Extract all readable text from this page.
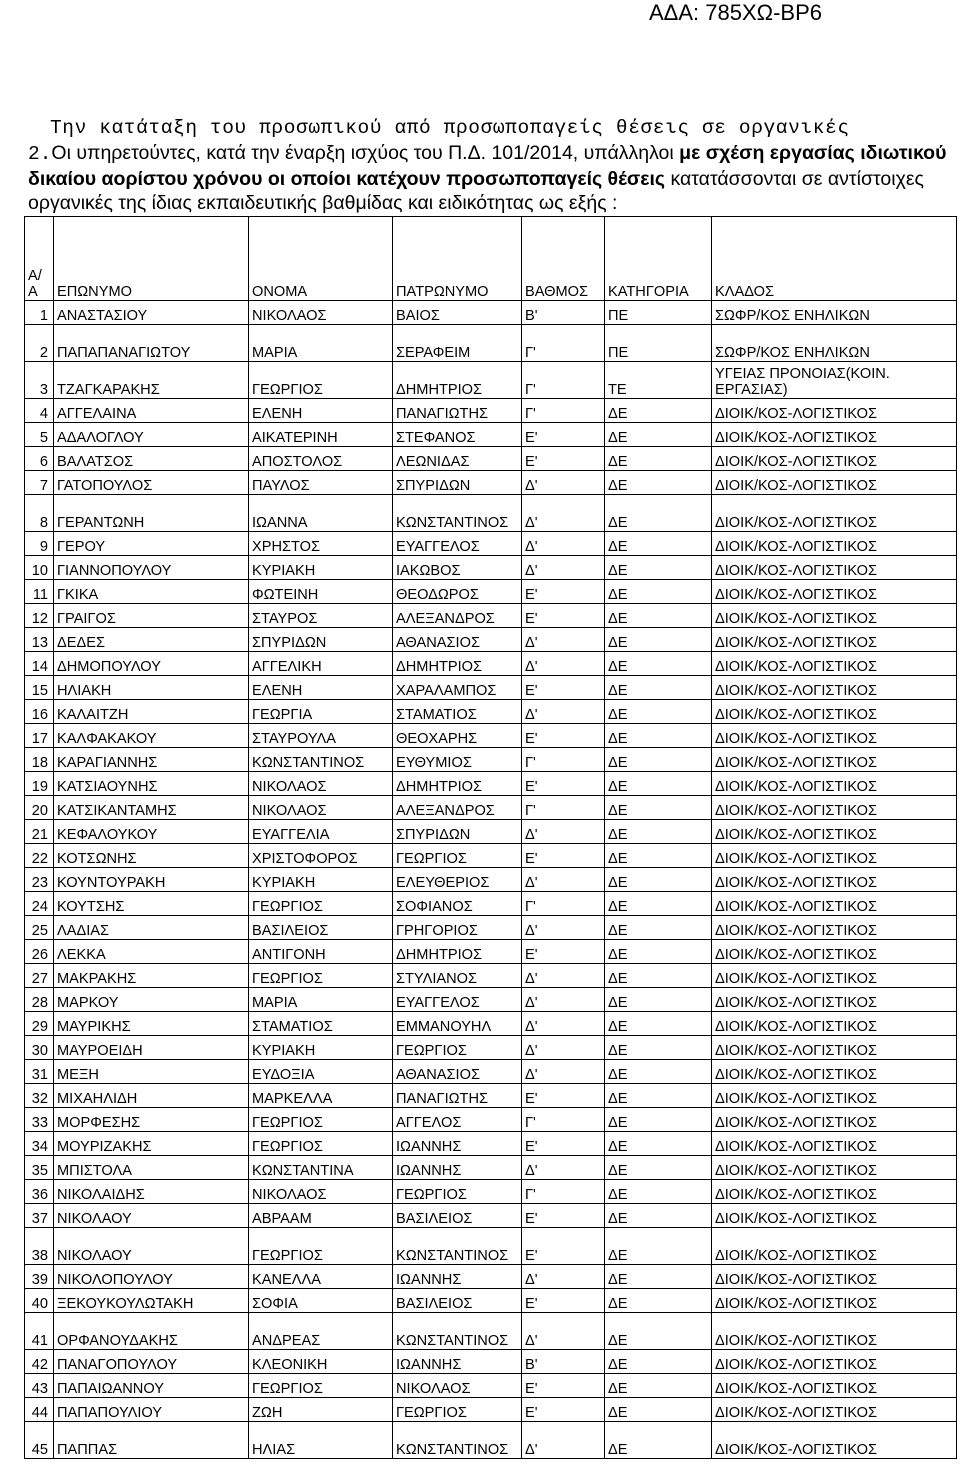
ΑΔΑ: 785ΧΩ-ΒΡ6
Την κατάταξη του προσωπικού από προσωποπαγείς θέσεις σε οργανικές
2.Οι υπηρετούντες, κατά την έναρξη ισχύος του Π.Δ. 101/2014, υπάλληλοι με σχέση εργασίας ιδιωτικού δικαίου αορίστου χρόνου οι οποίοι κατέχουν προσωποπαγείς θέσεις κατατάσσονται σε αντίστοιχες οργανικές της ίδιας εκπαιδευτικής βαθμίδας και ειδικότητας ως εξής :
Α/Α	ΕΠΩΝΥΜΟ	ΟΝΟΜΑ	ΠΑΤΡΩΝΥΜΟ	ΒΑΘΜΟΣ	ΚΑΤΗΓΟΡΙΑ	ΚΛΑΔΟΣ
1	ΑΝΑΣΤΑΣΙΟΥ	ΝΙΚΟΛΑΟΣ	ΒΑΙΟΣ	Β'	ΠΕ	ΣΩΦΡ/ΚΟΣ ΕΝΗΛΙΚΩΝ
2	ΠΑΠΑΠΑΝΑΓΙΩΤΟΥ	ΜΑΡΙΑ	ΣΕΡΑΦΕΙΜ	Γ'	ΠΕ	ΣΩΦΡ/ΚΟΣ ΕΝΗΛΙΚΩΝ
3	ΤΖΑΓΚΑΡΑΚΗΣ	ΓΕΩΡΓΙΟΣ	ΔΗΜΗΤΡΙΟΣ	Γ'	ΤΕ	ΥΓΕΙΑΣ ΠΡΟΝΟΙΑΣ(ΚΟΙΝ. ΕΡΓΑΣΙΑΣ)
4	ΑΓΓΕΛΑΙΝΑ	ΕΛΕΝΗ	ΠΑΝΑΓΙΩΤΗΣ	Γ'	ΔΕ	ΔΙΟΙΚ/ΚΟΣ-ΛΟΓΙΣΤΙΚΟΣ
5	ΑΔΑΛΟΓΛΟΥ	ΑΙΚΑΤΕΡΙΝΗ	ΣΤΕΦΑΝΟΣ	Ε'	ΔΕ	ΔΙΟΙΚ/ΚΟΣ-ΛΟΓΙΣΤΙΚΟΣ
6	ΒΑΛΑΤΣΟΣ	ΑΠΟΣΤΟΛΟΣ	ΛΕΩΝΙΔΑΣ	Ε'	ΔΕ	ΔΙΟΙΚ/ΚΟΣ-ΛΟΓΙΣΤΙΚΟΣ
7	ΓΑΤΟΠΟΥΛΟΣ	ΠΑΥΛΟΣ	ΣΠΥΡΙΔΩΝ	Δ'	ΔΕ	ΔΙΟΙΚ/ΚΟΣ-ΛΟΓΙΣΤΙΚΟΣ
8	ΓΕΡΑΝΤΩΝΗ	ΙΩΑΝΝΑ	ΚΩΝΣΤΑΝΤΙΝΟΣ	Δ'	ΔΕ	ΔΙΟΙΚ/ΚΟΣ-ΛΟΓΙΣΤΙΚΟΣ
9	ΓΕΡΟΥ	ΧΡΗΣΤΟΣ	ΕΥΑΓΓΕΛΟΣ	Δ'	ΔΕ	ΔΙΟΙΚ/ΚΟΣ-ΛΟΓΙΣΤΙΚΟΣ
10	ΓΙΑΝΝΟΠΟΥΛΟΥ	ΚΥΡΙΑΚΗ	ΙΑΚΩΒΟΣ	Δ'	ΔΕ	ΔΙΟΙΚ/ΚΟΣ-ΛΟΓΙΣΤΙΚΟΣ
11	ΓΚΙΚΑ	ΦΩΤΕΙΝΗ	ΘΕΟΔΩΡΟΣ	Ε'	ΔΕ	ΔΙΟΙΚ/ΚΟΣ-ΛΟΓΙΣΤΙΚΟΣ
12	ΓΡΑΙΓΟΣ	ΣΤΑΥΡΟΣ	ΑΛΕΞΑΝΔΡΟΣ	Ε'	ΔΕ	ΔΙΟΙΚ/ΚΟΣ-ΛΟΓΙΣΤΙΚΟΣ
13	ΔΕΔΕΣ	ΣΠΥΡΙΔΩΝ	ΑΘΑΝΑΣΙΟΣ	Δ'	ΔΕ	ΔΙΟΙΚ/ΚΟΣ-ΛΟΓΙΣΤΙΚΟΣ
14	ΔΗΜΟΠΟΥΛΟΥ	ΑΓΓΕΛΙΚΗ	ΔΗΜΗΤΡΙΟΣ	Δ'	ΔΕ	ΔΙΟΙΚ/ΚΟΣ-ΛΟΓΙΣΤΙΚΟΣ
15	ΗΛΙΑΚΗ	ΕΛΕΝΗ	ΧΑΡΑΛΑΜΠΟΣ	Ε'	ΔΕ	ΔΙΟΙΚ/ΚΟΣ-ΛΟΓΙΣΤΙΚΟΣ
16	ΚΑΛΑΙΤΖΗ	ΓΕΩΡΓΙΑ	ΣΤΑΜΑΤΙΟΣ	Δ'	ΔΕ	ΔΙΟΙΚ/ΚΟΣ-ΛΟΓΙΣΤΙΚΟΣ
17	ΚΑΛΦΑΚΑΚΟΥ	ΣΤΑΥΡΟΥΛΑ	ΘΕΟΧΑΡΗΣ	Ε'	ΔΕ	ΔΙΟΙΚ/ΚΟΣ-ΛΟΓΙΣΤΙΚΟΣ
18	ΚΑΡΑΓΙΑΝΝΗΣ	ΚΩΝΣΤΑΝΤΙΝΟΣ	ΕΥΘΥΜΙΟΣ	Γ'	ΔΕ	ΔΙΟΙΚ/ΚΟΣ-ΛΟΓΙΣΤΙΚΟΣ
19	ΚΑΤΣΙΑΟΥΝΗΣ	ΝΙΚΟΛΑΟΣ	ΔΗΜΗΤΡΙΟΣ	Ε'	ΔΕ	ΔΙΟΙΚ/ΚΟΣ-ΛΟΓΙΣΤΙΚΟΣ
20	ΚΑΤΣΙΚΑΝΤΑΜΗΣ	ΝΙΚΟΛΑΟΣ	ΑΛΕΞΑΝΔΡΟΣ	Γ'	ΔΕ	ΔΙΟΙΚ/ΚΟΣ-ΛΟΓΙΣΤΙΚΟΣ
21	ΚΕΦΑΛΟΥΚΟΥ	ΕΥΑΓΓΕΛΙΑ	ΣΠΥΡΙΔΩΝ	Δ'	ΔΕ	ΔΙΟΙΚ/ΚΟΣ-ΛΟΓΙΣΤΙΚΟΣ
22	ΚΟΤΣΩΝΗΣ	ΧΡΙΣΤΟΦΟΡΟΣ	ΓΕΩΡΓΙΟΣ	Ε'	ΔΕ	ΔΙΟΙΚ/ΚΟΣ-ΛΟΓΙΣΤΙΚΟΣ
23	ΚΟΥΝΤΟΥΡΑΚΗ	ΚΥΡΙΑΚΗ	ΕΛΕΥΘΕΡΙΟΣ	Δ'	ΔΕ	ΔΙΟΙΚ/ΚΟΣ-ΛΟΓΙΣΤΙΚΟΣ
24	ΚΟΥΤΣΗΣ	ΓΕΩΡΓΙΟΣ	ΣΟΦΙΑΝΟΣ	Γ'	ΔΕ	ΔΙΟΙΚ/ΚΟΣ-ΛΟΓΙΣΤΙΚΟΣ
25	ΛΑΔΙΑΣ	ΒΑΣΙΛΕΙΟΣ	ΓΡΗΓΟΡΙΟΣ	Δ'	ΔΕ	ΔΙΟΙΚ/ΚΟΣ-ΛΟΓΙΣΤΙΚΟΣ
26	ΛΕΚΚΑ	ΑΝΤΙΓΟΝΗ	ΔΗΜΗΤΡΙΟΣ	Ε'	ΔΕ	ΔΙΟΙΚ/ΚΟΣ-ΛΟΓΙΣΤΙΚΟΣ
27	ΜΑΚΡΑΚΗΣ	ΓΕΩΡΓΙΟΣ	ΣΤΥΛΙΑΝΟΣ	Δ'	ΔΕ	ΔΙΟΙΚ/ΚΟΣ-ΛΟΓΙΣΤΙΚΟΣ
28	ΜΑΡΚΟΥ	ΜΑΡΙΑ	ΕΥΑΓΓΕΛΟΣ	Δ'	ΔΕ	ΔΙΟΙΚ/ΚΟΣ-ΛΟΓΙΣΤΙΚΟΣ
29	ΜΑΥΡΙΚΗΣ	ΣΤΑΜΑΤΙΟΣ	ΕΜΜΑΝΟΥΗΛ	Δ'	ΔΕ	ΔΙΟΙΚ/ΚΟΣ-ΛΟΓΙΣΤΙΚΟΣ
30	ΜΑΥΡΟΕΙΔΗ	ΚΥΡΙΑΚΗ	ΓΕΩΡΓΙΟΣ	Δ'	ΔΕ	ΔΙΟΙΚ/ΚΟΣ-ΛΟΓΙΣΤΙΚΟΣ
31	ΜΕΞΗ	ΕΥΔΟΞΙΑ	ΑΘΑΝΑΣΙΟΣ	Δ'	ΔΕ	ΔΙΟΙΚ/ΚΟΣ-ΛΟΓΙΣΤΙΚΟΣ
32	ΜΙΧΑΗΛΙΔΗ	ΜΑΡΚΕΛΛΑ	ΠΑΝΑΓΙΩΤΗΣ	Ε'	ΔΕ	ΔΙΟΙΚ/ΚΟΣ-ΛΟΓΙΣΤΙΚΟΣ
33	ΜΟΡΦΕΣΗΣ	ΓΕΩΡΓΙΟΣ	ΑΓΓΕΛΟΣ	Γ'	ΔΕ	ΔΙΟΙΚ/ΚΟΣ-ΛΟΓΙΣΤΙΚΟΣ
34	ΜΟΥΡΙΖΑΚΗΣ	ΓΕΩΡΓΙΟΣ	ΙΩΑΝΝΗΣ	Ε'	ΔΕ	ΔΙΟΙΚ/ΚΟΣ-ΛΟΓΙΣΤΙΚΟΣ
35	ΜΠΙΣΤΟΛΑ	ΚΩΝΣΤΑΝΤΙΝΑ	ΙΩΑΝΝΗΣ	Δ'	ΔΕ	ΔΙΟΙΚ/ΚΟΣ-ΛΟΓΙΣΤΙΚΟΣ
36	ΝΙΚΟΛΑΙΔΗΣ	ΝΙΚΟΛΑΟΣ	ΓΕΩΡΓΙΟΣ	Γ'	ΔΕ	ΔΙΟΙΚ/ΚΟΣ-ΛΟΓΙΣΤΙΚΟΣ
37	ΝΙΚΟΛΑΟΥ	ΑΒΡΑΑΜ	ΒΑΣΙΛΕΙΟΣ	Ε'	ΔΕ	ΔΙΟΙΚ/ΚΟΣ-ΛΟΓΙΣΤΙΚΟΣ
38	ΝΙΚΟΛΑΟΥ	ΓΕΩΡΓΙΟΣ	ΚΩΝΣΤΑΝΤΙΝΟΣ	Ε'	ΔΕ	ΔΙΟΙΚ/ΚΟΣ-ΛΟΓΙΣΤΙΚΟΣ
39	ΝΙΚΟΛΟΠΟΥΛΟΥ	ΚΑΝΕΛΛΑ	ΙΩΑΝΝΗΣ	Δ'	ΔΕ	ΔΙΟΙΚ/ΚΟΣ-ΛΟΓΙΣΤΙΚΟΣ
40	ΞΕΚΟΥΚΟΥΛΩΤΑΚΗ	ΣΟΦΙΑ	ΒΑΣΙΛΕΙΟΣ	Ε'	ΔΕ	ΔΙΟΙΚ/ΚΟΣ-ΛΟΓΙΣΤΙΚΟΣ
41	ΟΡΦΑΝΟΥΔΑΚΗΣ	ΑΝΔΡΕΑΣ	ΚΩΝΣΤΑΝΤΙΝΟΣ	Δ'	ΔΕ	ΔΙΟΙΚ/ΚΟΣ-ΛΟΓΙΣΤΙΚΟΣ
42	ΠΑΝΑΓΟΠΟΥΛΟΥ	ΚΛΕΟΝΙΚΗ	ΙΩΑΝΝΗΣ	Β'	ΔΕ	ΔΙΟΙΚ/ΚΟΣ-ΛΟΓΙΣΤΙΚΟΣ
43	ΠΑΠΑΙΩΑΝΝΟΥ	ΓΕΩΡΓΙΟΣ	ΝΙΚΟΛΑΟΣ	Ε'	ΔΕ	ΔΙΟΙΚ/ΚΟΣ-ΛΟΓΙΣΤΙΚΟΣ
44	ΠΑΠΑΠΟΥΛΙΟΥ	ΖΩΗ	ΓΕΩΡΓΙΟΣ	Ε'	ΔΕ	ΔΙΟΙΚ/ΚΟΣ-ΛΟΓΙΣΤΙΚΟΣ
45	ΠΑΠΠΑΣ	ΗΛΙΑΣ	ΚΩΝΣΤΑΝΤΙΝΟΣ	Δ'	ΔΕ	ΔΙΟΙΚ/ΚΟΣ-ΛΟΓΙΣΤΙΚΟΣ
